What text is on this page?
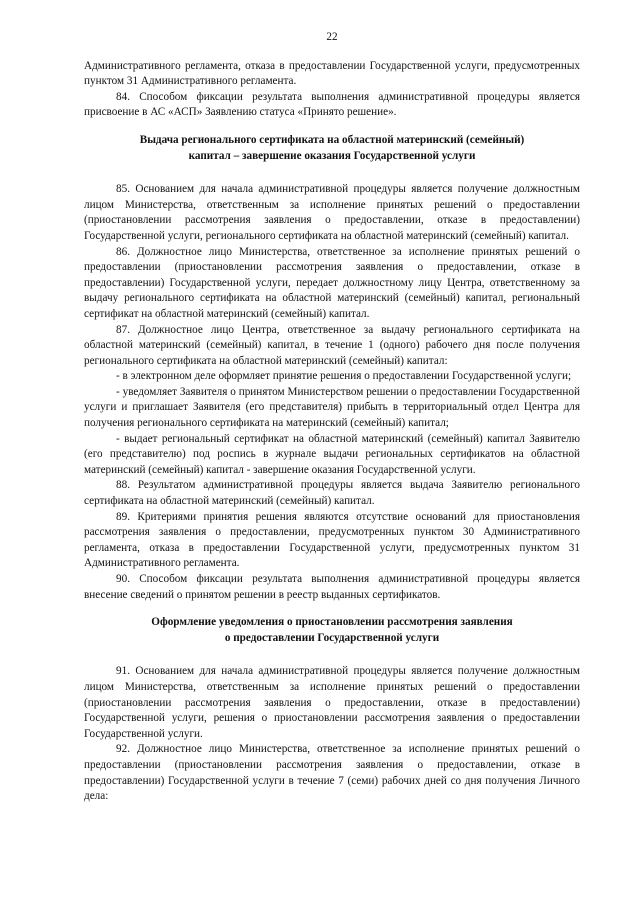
22

Административного регламента, отказа в предоставлении Государственной услуги, предусмотренных пунктом 31 Административного регламента.

84. Способом фиксации результата выполнения административной процедуры является присвоение в АС «АСП» Заявлению статуса «Принято решение».

Выдача регионального сертификата на областной материнский (семейный)
капитал – завершение оказания Государственной услуги

85. Основанием для начала административной процедуры является получение должностным лицом Министерства, ответственным за исполнение принятых решений о предоставлении (приостановлении рассмотрения заявления о предоставлении, отказе в предоставлении) Государственной услуги, регионального сертификата на областной материнский (семейный) капитал.

86. Должностное лицо Министерства, ответственное за исполнение принятых решений о предоставлении (приостановлении рассмотрения заявления о предоставлении, отказе в предоставлении) Государственной услуги, передает должностному лицу Центра, ответственному за выдачу регионального сертификата на областной материнский (семейный) капитал, региональный сертификат на областной материнский (семейный) капитал.

87. Должностное лицо Центра, ответственное за выдачу регионального сертификата на областной материнский (семейный) капитал, в течение 1 (одного) рабочего дня после получения регионального сертификата на областной материнский (семейный) капитал:

- в электронном деле оформляет принятие решения о предоставлении Государственной услуги;

- уведомляет Заявителя о принятом Министерством решении о предоставлении Государственной услуги и приглашает Заявителя (его представителя) прибыть в территориальный отдел Центра для получения регионального сертификата на материнский (семейный) капитал;

- выдает региональный сертификат на областной материнский (семейный) капитал Заявителю (его представителю) под роспись в журнале выдачи региональных сертификатов на областной материнский (семейный) капитал - завершение оказания Государственной услуги.

88. Результатом административной процедуры является выдача Заявителю регионального сертификата на областной материнский (семейный) капитал.

89. Критериями принятия решения являются отсутствие оснований для приостановления рассмотрения заявления о предоставлении, предусмотренных пунктом 30 Административного регламента, отказа в предоставлении Государственной услуги, предусмотренных пунктом 31 Административного регламента.

90. Способом фиксации результата выполнения административной процедуры является внесение сведений о принятом решении в реестр выданных сертификатов.

Оформление уведомления о приостановлении рассмотрения заявления
о предоставлении Государственной услуги

91. Основанием для начала административной процедуры является получение должностным лицом Министерства, ответственным за исполнение принятых решений о предоставлении (приостановлении рассмотрения заявления о предоставлении, отказе в предоставлении) Государственной услуги, решения о приостановлении рассмотрения заявления о предоставлении Государственной услуги.

92. Должностное лицо Министерства, ответственное за исполнение принятых решений о предоставлении (приостановлении рассмотрения заявления о предоставлении, отказе в предоставлении) Государственной услуги в течение 7 (семи) рабочих дней со дня получения Личного дела:
